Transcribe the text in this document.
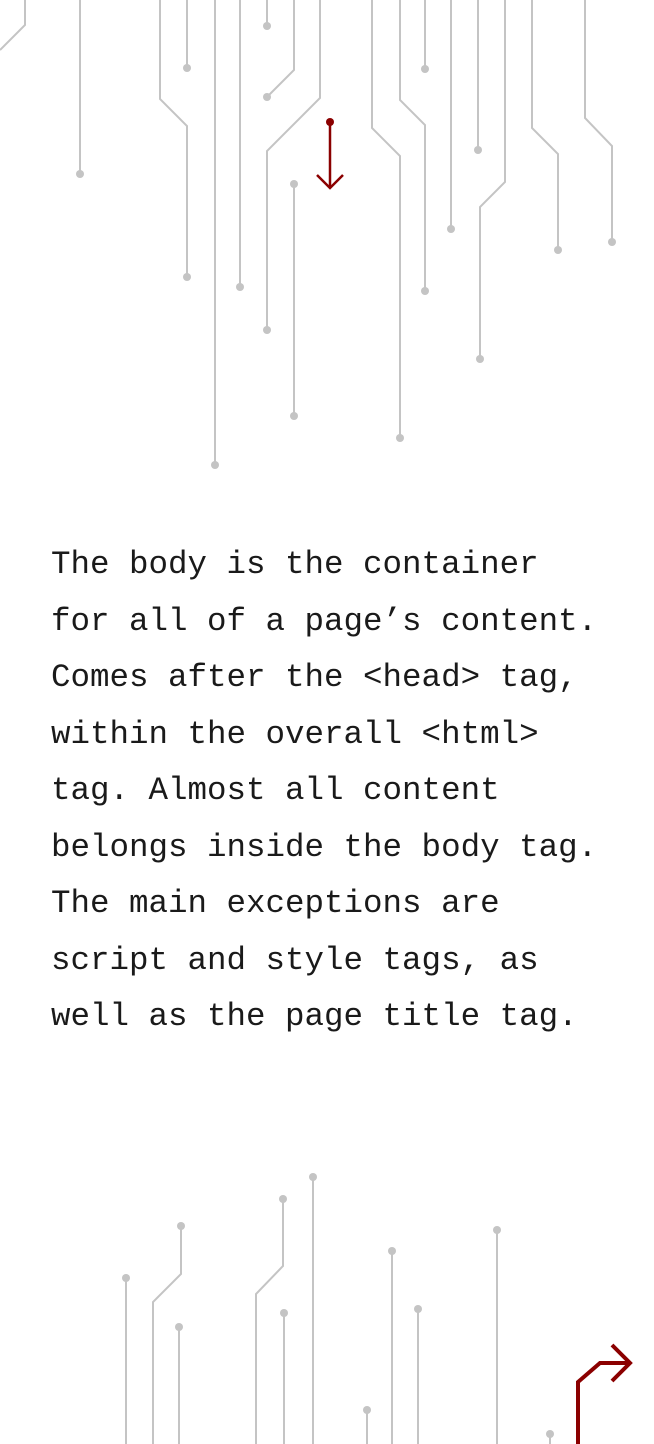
The body is the container for all of a page’s content. Comes after the <head> tag, within the overall <html> tag. Almost all content belongs inside the body tag. The main exceptions are script and style tags, as well as the page title tag.
